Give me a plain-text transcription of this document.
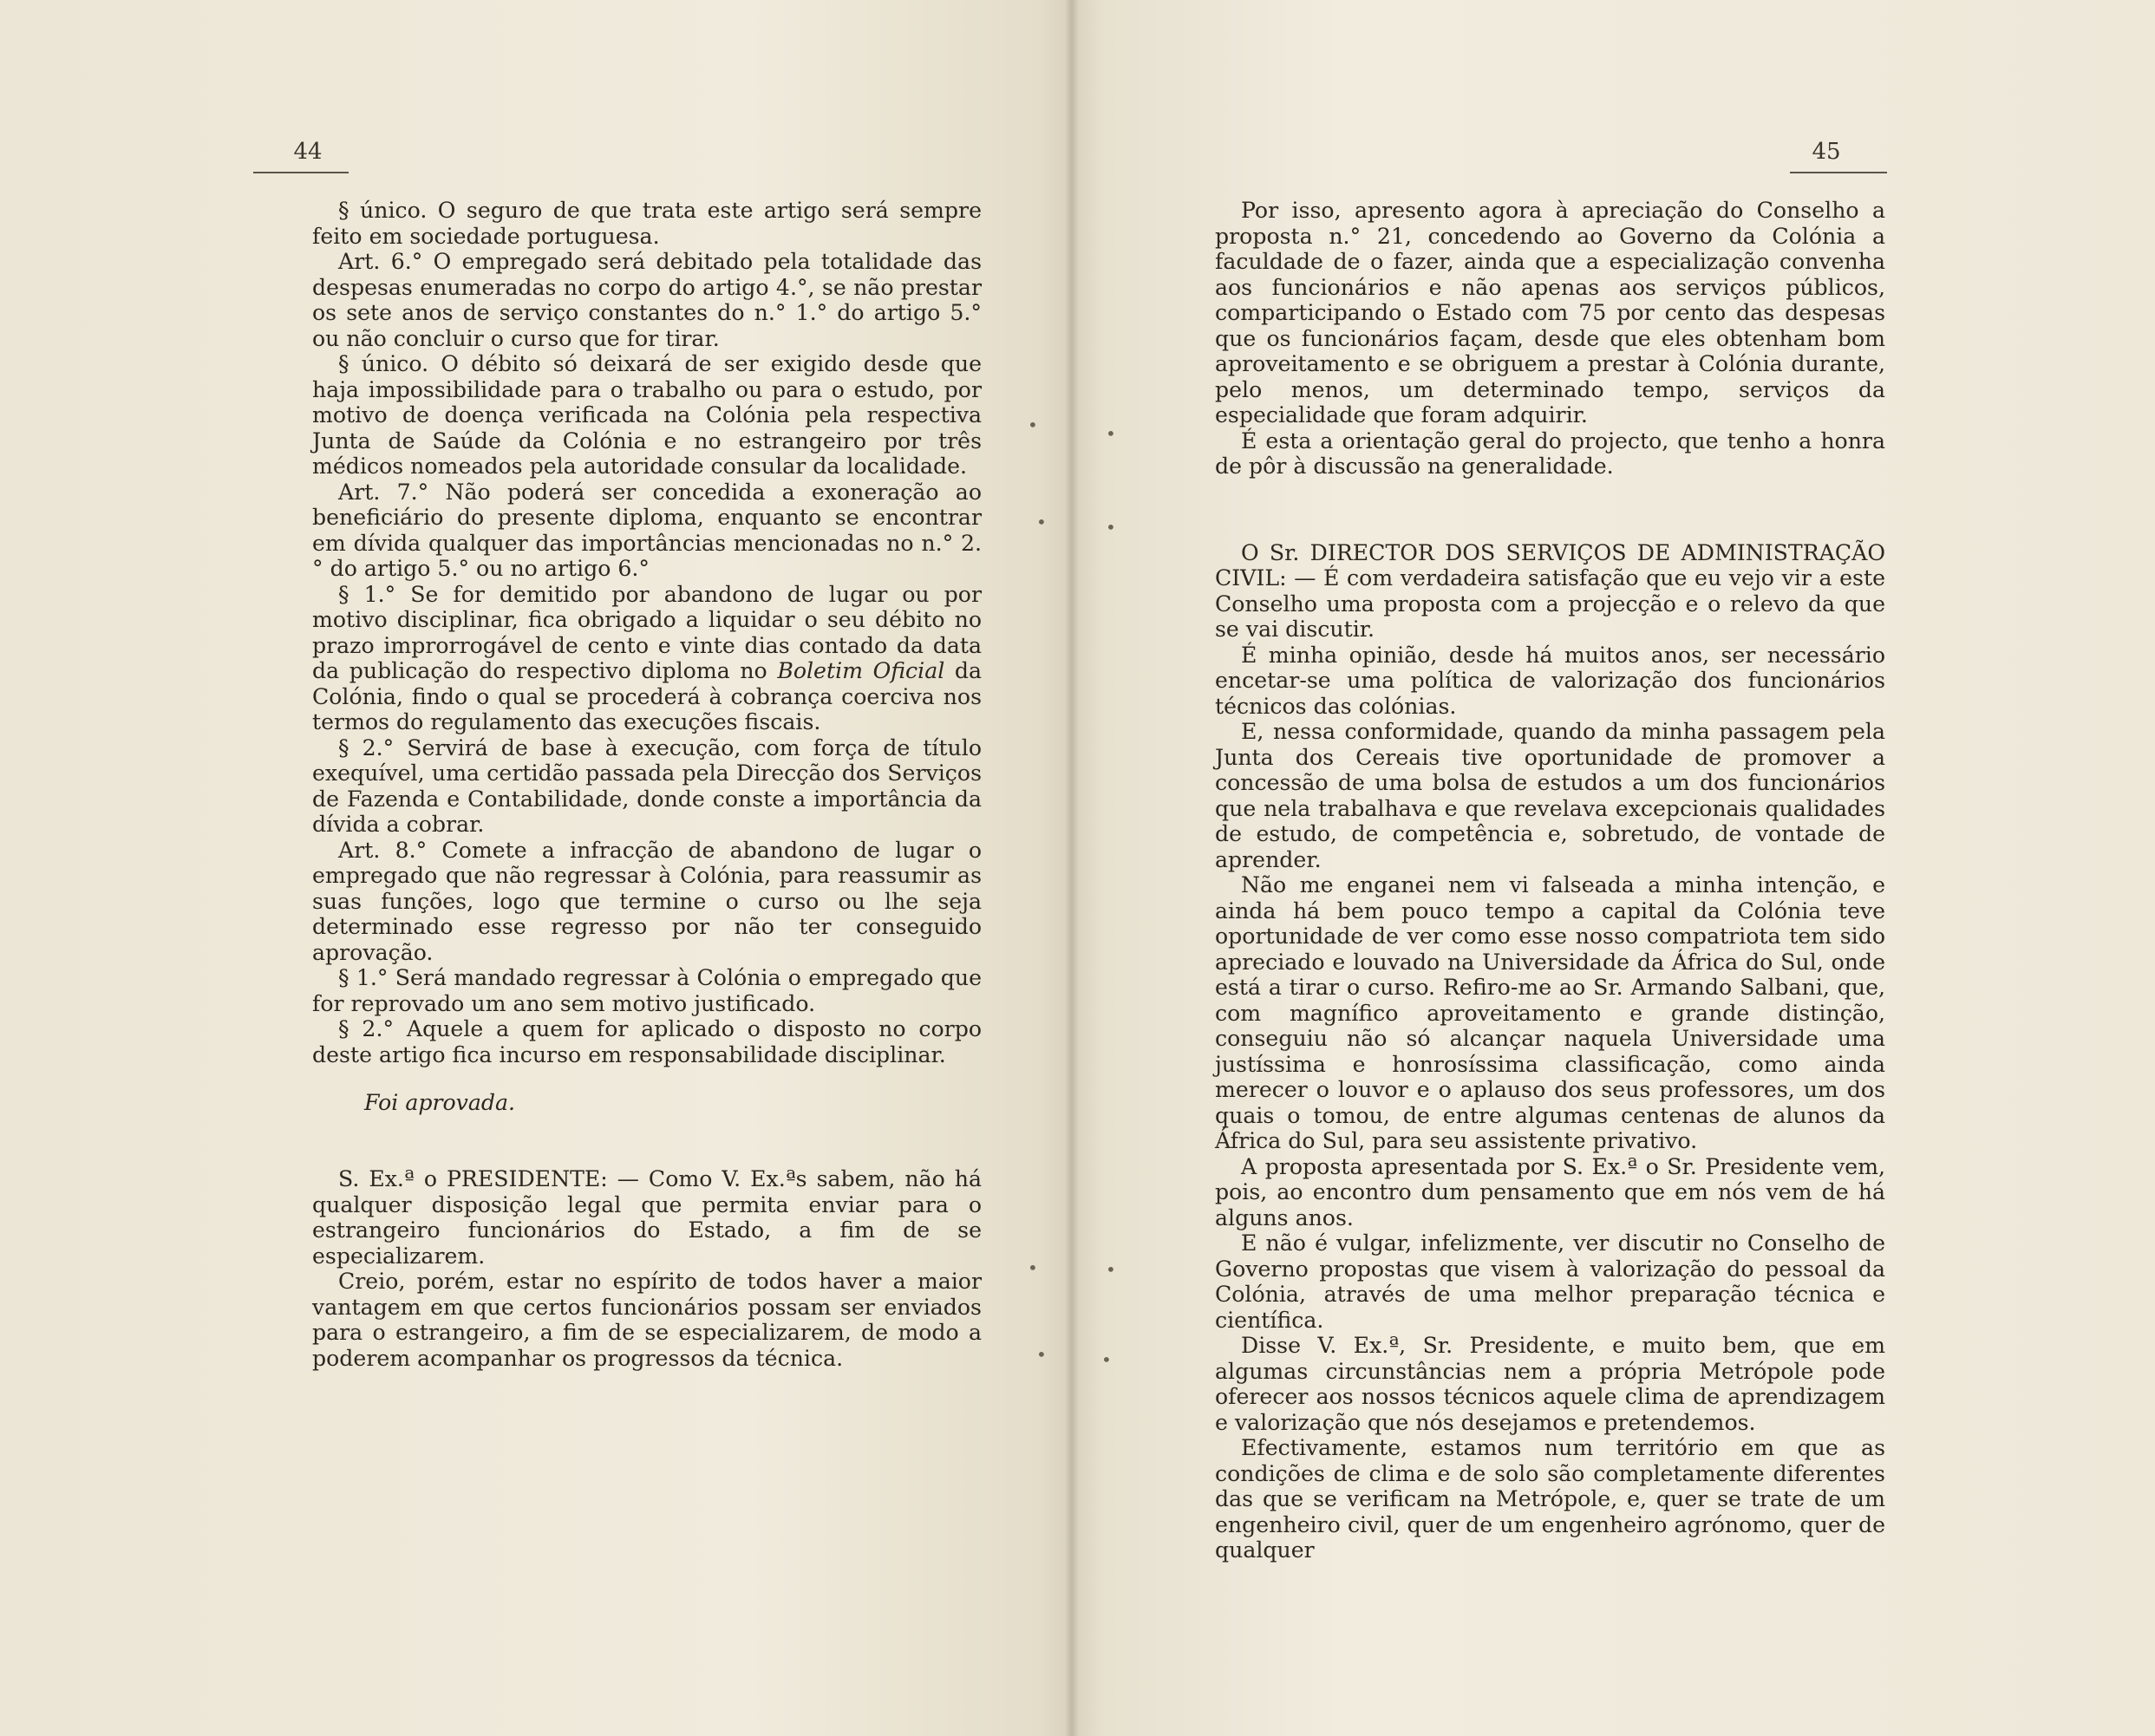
44

§ único. O seguro de que trata este artigo será sempre feito em sociedade portuguesa.

Art. 6.° O empregado será debitado pela totalidade das despesas enumeradas no corpo do artigo 4.°, se não prestar os sete anos de serviço constantes do n.° 1.° do artigo 5.° ou não concluir o curso que for tirar.

§ único. O débito só deixará de ser exigido desde que haja impossibilidade para o trabalho ou para o estudo, por motivo de doença verificada na Colónia pela respectiva Junta de Saúde da Colónia e no estrangeiro por três médicos nomeados pela autoridade consular da localidade.

Art. 7.° Não poderá ser concedida a exoneração ao beneficiário do presente diploma, enquanto se encontrar em dívida qualquer das importâncias mencionadas no n.° 2.° do artigo 5.° ou no artigo 6.°

§ 1.° Se for demitido por abandono de lugar ou por motivo disciplinar, fica obrigado a liquidar o seu débito no prazo improrrogável de cento e vinte dias contado da data da publicação do respectivo diploma no Boletim Oficial da Colónia, findo o qual se procederá à cobrança coerciva nos termos do regulamento das execuções fiscais.

§ 2.° Servirá de base à execução, com força de título exequível, uma certidão passada pela Direcção dos Serviços de Fazenda e Contabilidade, donde conste a importância da dívida a cobrar.

Art. 8.° Comete a infracção de abandono de lugar o empregado que não regressar à Colónia, para reassumir as suas funções, logo que termine o curso ou lhe seja determinado esse regresso por não ter conseguido aprovação.

§ 1.° Será mandado regressar à Colónia o empregado que for reprovado um ano sem motivo justificado.

§ 2.° Aquele a quem for aplicado o disposto no corpo deste artigo fica incurso em responsabilidade disciplinar.

Foi aprovada.

S. Ex.ª o PRESIDENTE: — Como V. Ex.ªs sabem, não há qualquer disposição legal que permita enviar para o estrangeiro funcionários do Estado, a fim de se especializarem.

Creio, porém, estar no espírito de todos haver a maior vantagem em que certos funcionários possam ser enviados para o estrangeiro, a fim de se especializarem, de modo a poderem acompanhar os progressos da técnica.

45

Por isso, apresento agora à apreciação do Conselho a proposta n.° 21, concedendo ao Governo da Colónia a faculdade de o fazer, ainda que a especialização convenha aos funcionários e não apenas aos serviços públicos, comparticipando o Estado com 75 por cento das despesas que os funcionários façam, desde que eles obtenham bom aproveitamento e se obriguem a prestar à Colónia durante, pelo menos, um determinado tempo, serviços da especialidade que foram adquirir.

É esta a orientação geral do projecto, que tenho a honra de pôr à discussão na generalidade.

O Sr. DIRECTOR DOS SERVIÇOS DE ADMINISTRAÇÃO CIVIL: — É com verdadeira satisfação que eu vejo vir a este Conselho uma proposta com a projecção e o relevo da que se vai discutir.

É minha opinião, desde há muitos anos, ser necessário encetar-se uma política de valorização dos funcionários técnicos das colónias.

E, nessa conformidade, quando da minha passagem pela Junta dos Cereais tive oportunidade de promover a concessão de uma bolsa de estudos a um dos funcionários que nela trabalhava e que revelava excepcionais qualidades de estudo, de competência e, sobretudo, de vontade de aprender.

Não me enganei nem vi falseada a minha intenção, e ainda há bem pouco tempo a capital da Colónia teve oportunidade de ver como esse nosso compatriota tem sido apreciado e louvado na Universidade da África do Sul, onde está a tirar o curso. Refiro-me ao Sr. Armando Salbani, que, com magnífico aproveitamento e grande distinção, conseguiu não só alcançar naquela Universidade uma justíssima e honrosíssima classificação, como ainda merecer o louvor e o aplauso dos seus professores, um dos quais o tomou, de entre algumas centenas de alunos da África do Sul, para seu assistente privativo.

A proposta apresentada por S. Ex.ª o Sr. Presidente vem, pois, ao encontro dum pensamento que em nós vem de há alguns anos.

E não é vulgar, infelizmente, ver discutir no Conselho de Governo propostas que visem à valorização do pessoal da Colónia, através de uma melhor preparação técnica e científica.

Disse V. Ex.ª, Sr. Presidente, e muito bem, que em algumas circunstâncias nem a própria Metrópole pode oferecer aos nossos técnicos aquele clima de aprendizagem e valorização que nós desejamos e pretendemos.

Efectivamente, estamos num território em que as condições de clima e de solo são completamente diferentes das que se verificam na Metrópole, e, quer se trate de um engenheiro civil, quer de um engenheiro agrónomo, quer de qualquer

•	•
•	•
•	•
•	•
